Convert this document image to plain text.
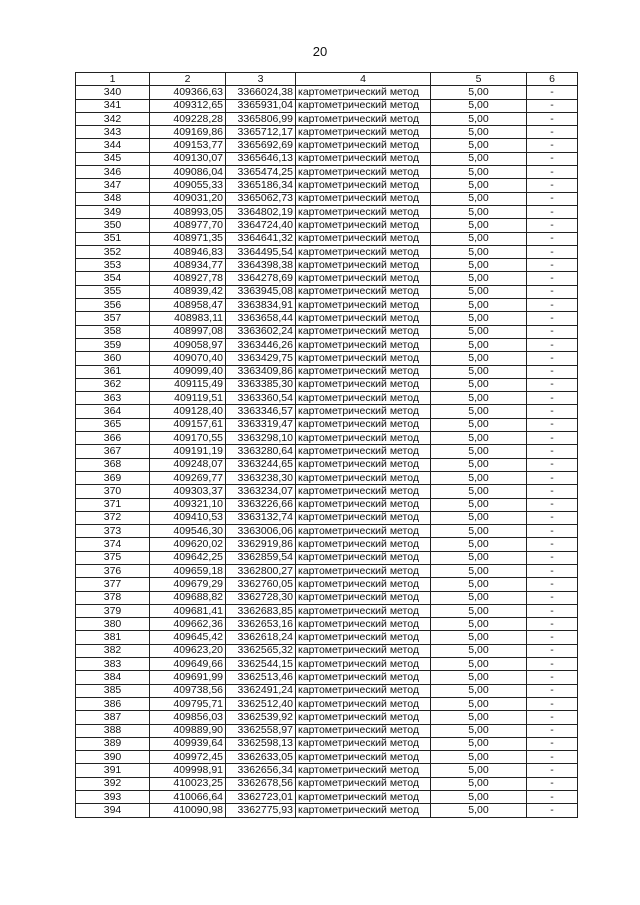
20
1	2	3	4	5	6
340	409366,63	3366024,38	картометрический метод	5,00	-
341	409312,65	3365931,04	картометрический метод	5,00	-
342	409228,28	3365806,99	картометрический метод	5,00	-
343	409169,86	3365712,17	картометрический метод	5,00	-
344	409153,77	3365692,69	картометрический метод	5,00	-
345	409130,07	3365646,13	картометрический метод	5,00	-
346	409086,04	3365474,25	картометрический метод	5,00	-
347	409055,33	3365186,34	картометрический метод	5,00	-
348	409031,20	3365062,73	картометрический метод	5,00	-
349	408993,05	3364802,19	картометрический метод	5,00	-
350	408977,70	3364724,40	картометрический метод	5,00	-
351	408971,35	3364641,32	картометрический метод	5,00	-
352	408946,83	3364495,54	картометрический метод	5,00	-
353	408934,77	3364398,38	картометрический метод	5,00	-
354	408927,78	3364278,69	картометрический метод	5,00	-
355	408939,42	3363945,08	картометрический метод	5,00	-
356	408958,47	3363834,91	картометрический метод	5,00	-
357	408983,11	3363658,44	картометрический метод	5,00	-
358	408997,08	3363602,24	картометрический метод	5,00	-
359	409058,97	3363446,26	картометрический метод	5,00	-
360	409070,40	3363429,75	картометрический метод	5,00	-
361	409099,40	3363409,86	картометрический метод	5,00	-
362	409115,49	3363385,30	картометрический метод	5,00	-
363	409119,51	3363360,54	картометрический метод	5,00	-
364	409128,40	3363346,57	картометрический метод	5,00	-
365	409157,61	3363319,47	картометрический метод	5,00	-
366	409170,55	3363298,10	картометрический метод	5,00	-
367	409191,19	3363280,64	картометрический метод	5,00	-
368	409248,07	3363244,65	картометрический метод	5,00	-
369	409269,77	3363238,30	картометрический метод	5,00	-
370	409303,37	3363234,07	картометрический метод	5,00	-
371	409321,10	3363226,66	картометрический метод	5,00	-
372	409410,53	3363132,74	картометрический метод	5,00	-
373	409546,30	3363006,06	картометрический метод	5,00	-
374	409620,02	3362919,86	картометрический метод	5,00	-
375	409642,25	3362859,54	картометрический метод	5,00	-
376	409659,18	3362800,27	картометрический метод	5,00	-
377	409679,29	3362760,05	картометрический метод	5,00	-
378	409688,82	3362728,30	картометрический метод	5,00	-
379	409681,41	3362683,85	картометрический метод	5,00	-
380	409662,36	3362653,16	картометрический метод	5,00	-
381	409645,42	3362618,24	картометрический метод	5,00	-
382	409623,20	3362565,32	картометрический метод	5,00	-
383	409649,66	3362544,15	картометрический метод	5,00	-
384	409691,99	3362513,46	картометрический метод	5,00	-
385	409738,56	3362491,24	картометрический метод	5,00	-
386	409795,71	3362512,40	картометрический метод	5,00	-
387	409856,03	3362539,92	картометрический метод	5,00	-
388	409889,90	3362558,97	картометрический метод	5,00	-
389	409939,64	3362598,13	картометрический метод	5,00	-
390	409972,45	3362633,05	картометрический метод	5,00	-
391	409998,91	3362656,34	картометрический метод	5,00	-
392	410023,25	3362678,56	картометрический метод	5,00	-
393	410066,64	3362723,01	картометрический метод	5,00	-
394	410090,98	3362775,93	картометрический метод	5,00	-
